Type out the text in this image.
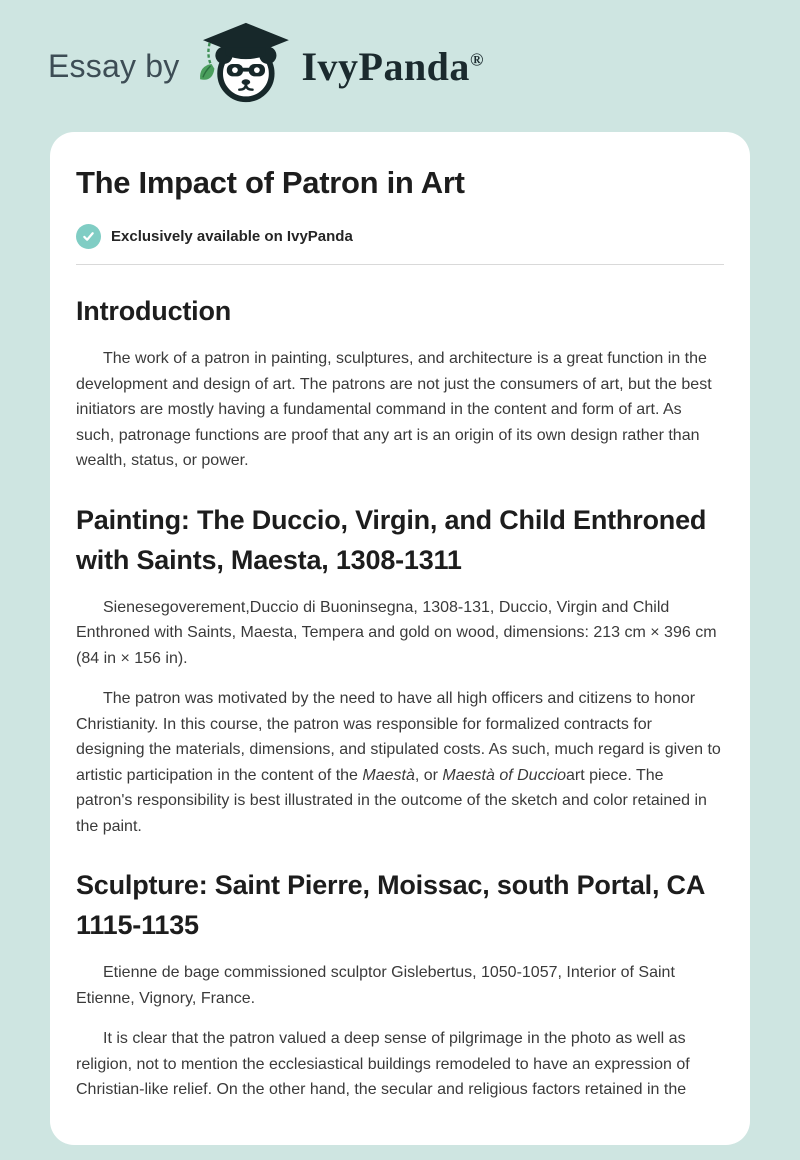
Essay by	IvyPanda®
The Impact of Patron in Art
Exclusively available on IvyPanda
Introduction

The work of a patron in painting, sculptures, and architecture is a great function in the development and design of art. The patrons are not just the consumers of art, but the best initiators are mostly having a fundamental command in the content and form of art. As such, patronage functions are proof that any art is an origin of its own design rather than wealth, status, or power.

Painting: The Duccio, Virgin, and Child Enthroned with Saints, Maesta, 1308-1311

Sienesegoverement,Duccio di Buoninsegna, 1308-131, Duccio, Virgin and Child Enthroned with Saints, Maesta, Tempera and gold on wood, dimensions: 213 cm × 396 cm (84 in × 156 in).

The patron was motivated by the need to have all high officers and citizens to honor Christianity. In this course, the patron was responsible for formalized contracts for designing the materials, dimensions, and stipulated costs. As such, much regard is given to artistic participation in the content of the Maestà, or Maestà of Duccioart piece. The patron's responsibility is best illustrated in the outcome of the sketch and color retained in the paint.

Sculpture: Saint Pierre, Moissac, south Portal, CA 1115-1135

Etienne de bage commissioned sculptor Gislebertus, 1050-1057, Interior of Saint Etienne, Vignory, France.

It is clear that the patron valued a deep sense of pilgrimage in the photo as well as religion, not to mention the ecclesiastical buildings remodeled to have an expression of Christian-like relief. On the other hand, the secular and religious factors retained in the
